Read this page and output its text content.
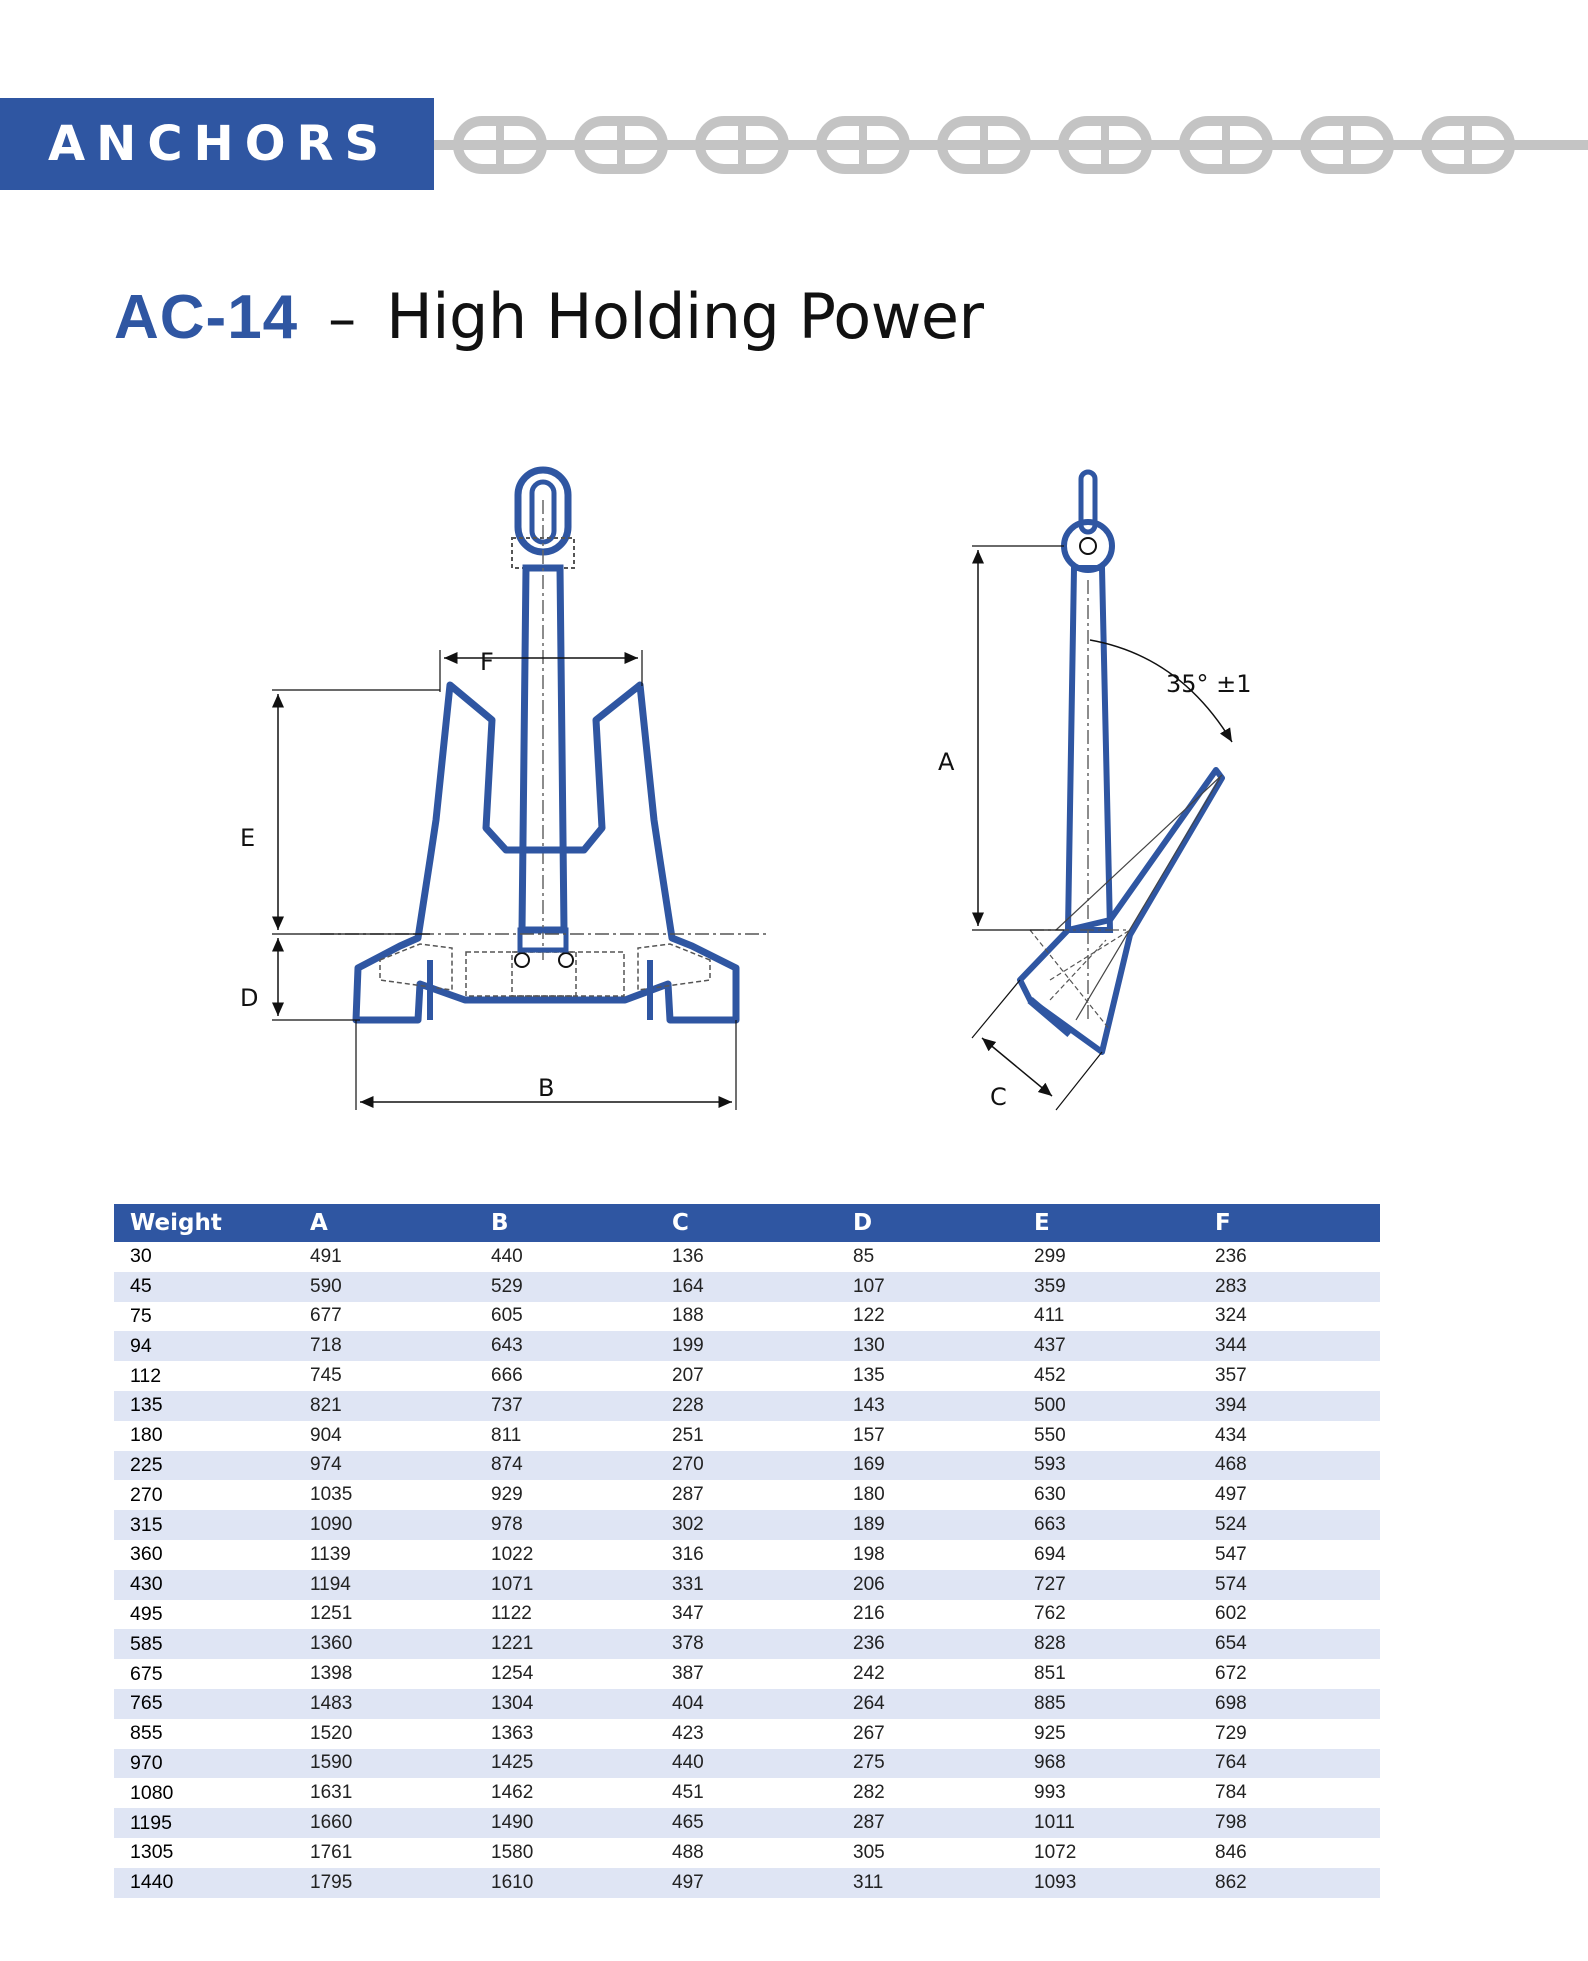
ANCHORS
AC-14 – High Holding Power
E
D
F
B
A
C
35° ±1
Weight	A	B	C	D	E	F
30	491	440	136	85	299	236
45	590	529	164	107	359	283
75	677	605	188	122	411	324
94	718	643	199	130	437	344
112	745	666	207	135	452	357
135	821	737	228	143	500	394
180	904	811	251	157	550	434
225	974	874	270	169	593	468
270	1035	929	287	180	630	497
315	1090	978	302	189	663	524
360	1139	1022	316	198	694	547
430	1194	1071	331	206	727	574
495	1251	1122	347	216	762	602
585	1360	1221	378	236	828	654
675	1398	1254	387	242	851	672
765	1483	1304	404	264	885	698
855	1520	1363	423	267	925	729
970	1590	1425	440	275	968	764
1080	1631	1462	451	282	993	784
1195	1660	1490	465	287	1011	798
1305	1761	1580	488	305	1072	846
1440	1795	1610	497	311	1093	862
